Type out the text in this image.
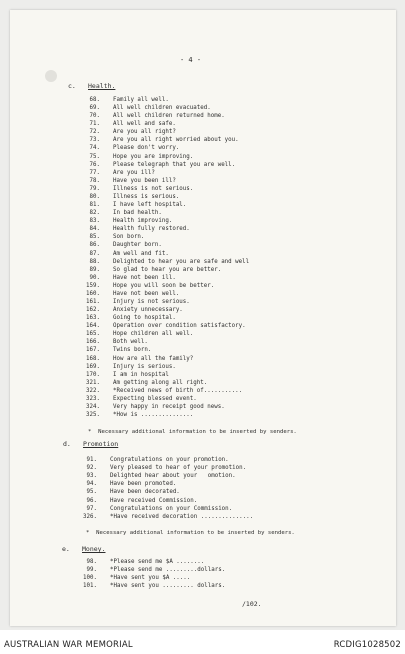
- 4 -
c. Health.
68. Family all well.
69. All well children evacuated.
70. All well children returned home.
71. All well and safe.
72. Are you all right?
73. Are you all right worried about you.
74. Please don't worry.
75. Hope you are improving.
76. Please telegraph that you are well.
77. Are you ill?
78. Have you been ill?
79. Illness is not serious.
80. Illness is serious.
81. I have left hospital.
82. In bad health.
83. Health improving.
84. Health fully restored.
85. Son born.
86. Daughter born.
87. Am well and fit.
88. Delighted to hear you are safe and well
89. So glad to hear you are better.
90. Have not been ill.
159. Hope you will soon be better.
160. Have not been well.
161. Injury is not serious.
162. Anxiety unnecessary.
163. Going to hospital.
164. Operation over condition satisfactory.
165. Hope children all well.
166. Both well.
167. Twins born.
168. How are all the family?
169. Injury is serious.
170. I am in hospital
321. Am getting along all right.
322. *Received news of birth of...........
323. Expecting blessed event.
324. Very happy in receipt good news.
325. *How is ...............
*  Necessary additional information to be inserted by senders.
d. Promotion
91. Congratulations on your promotion.
92. Very pleased to hear of your promotion.
93. Delighted hear about your   omotion.
94. Have been promoted.
95. Have been decorated.
96. Have received Commission.
97. Congratulations on your Commission.
326. *Have received decoration ...............
*  Necessary additional information to be inserted by senders.
e. Money.
98. *Please send me $A ........
99. *Please send me .........dollars.
100. *Have sent you $A .....
101. *Have sent you ......... dollars.
/102.
AUSTRALIAN WAR MEMORIAL	RCDIG1028502
